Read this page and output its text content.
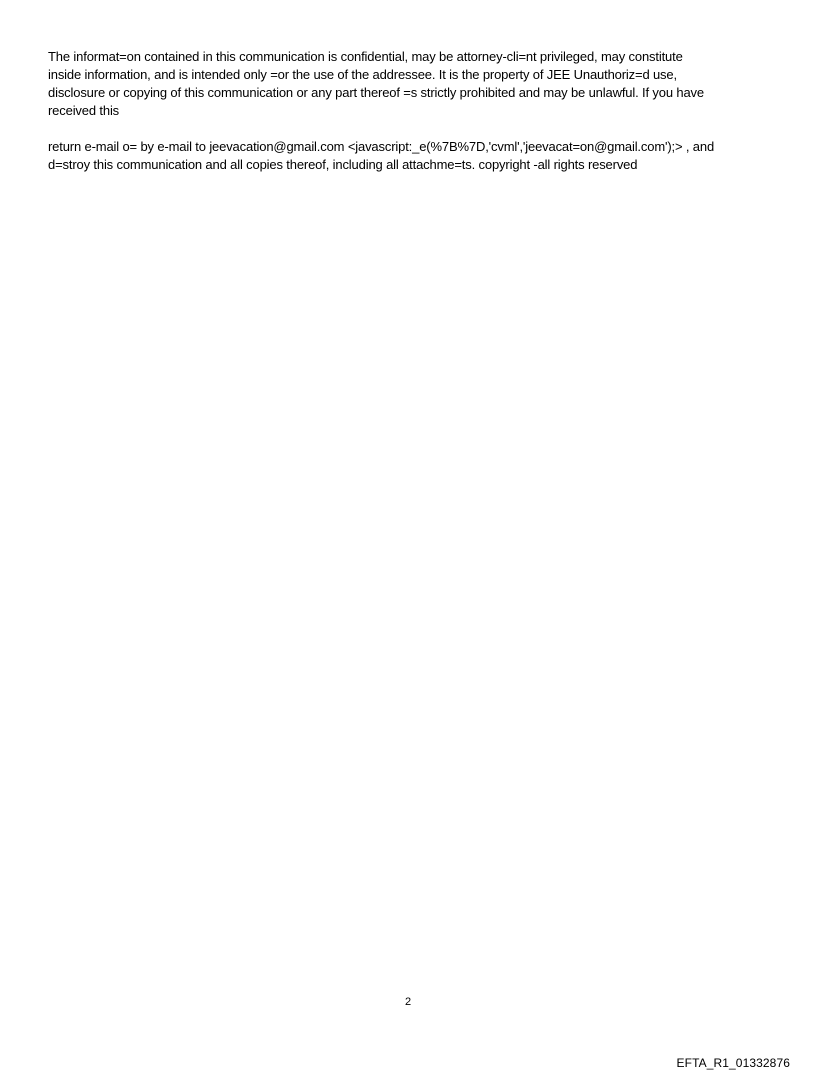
The informat=on contained in this communication is confidential, may be attorney-cli=nt privileged, may constitute
inside information, and is intended only =or the use of the addressee. It is the property of JEE Unauthoriz=d use,
disclosure or copying of this communication or any part thereof =s strictly prohibited and may be unlawful. If you have
received this

return e-mail o= by e-mail to jeevacation@gmail.com <javascript:_e(%7B%7D,'cvml','jeevacat=on@gmail.com');> , and
d=stroy this communication and all copies thereof, including all attachme=ts. copyright -all rights reserved

2
EFTA_R1_01332876
